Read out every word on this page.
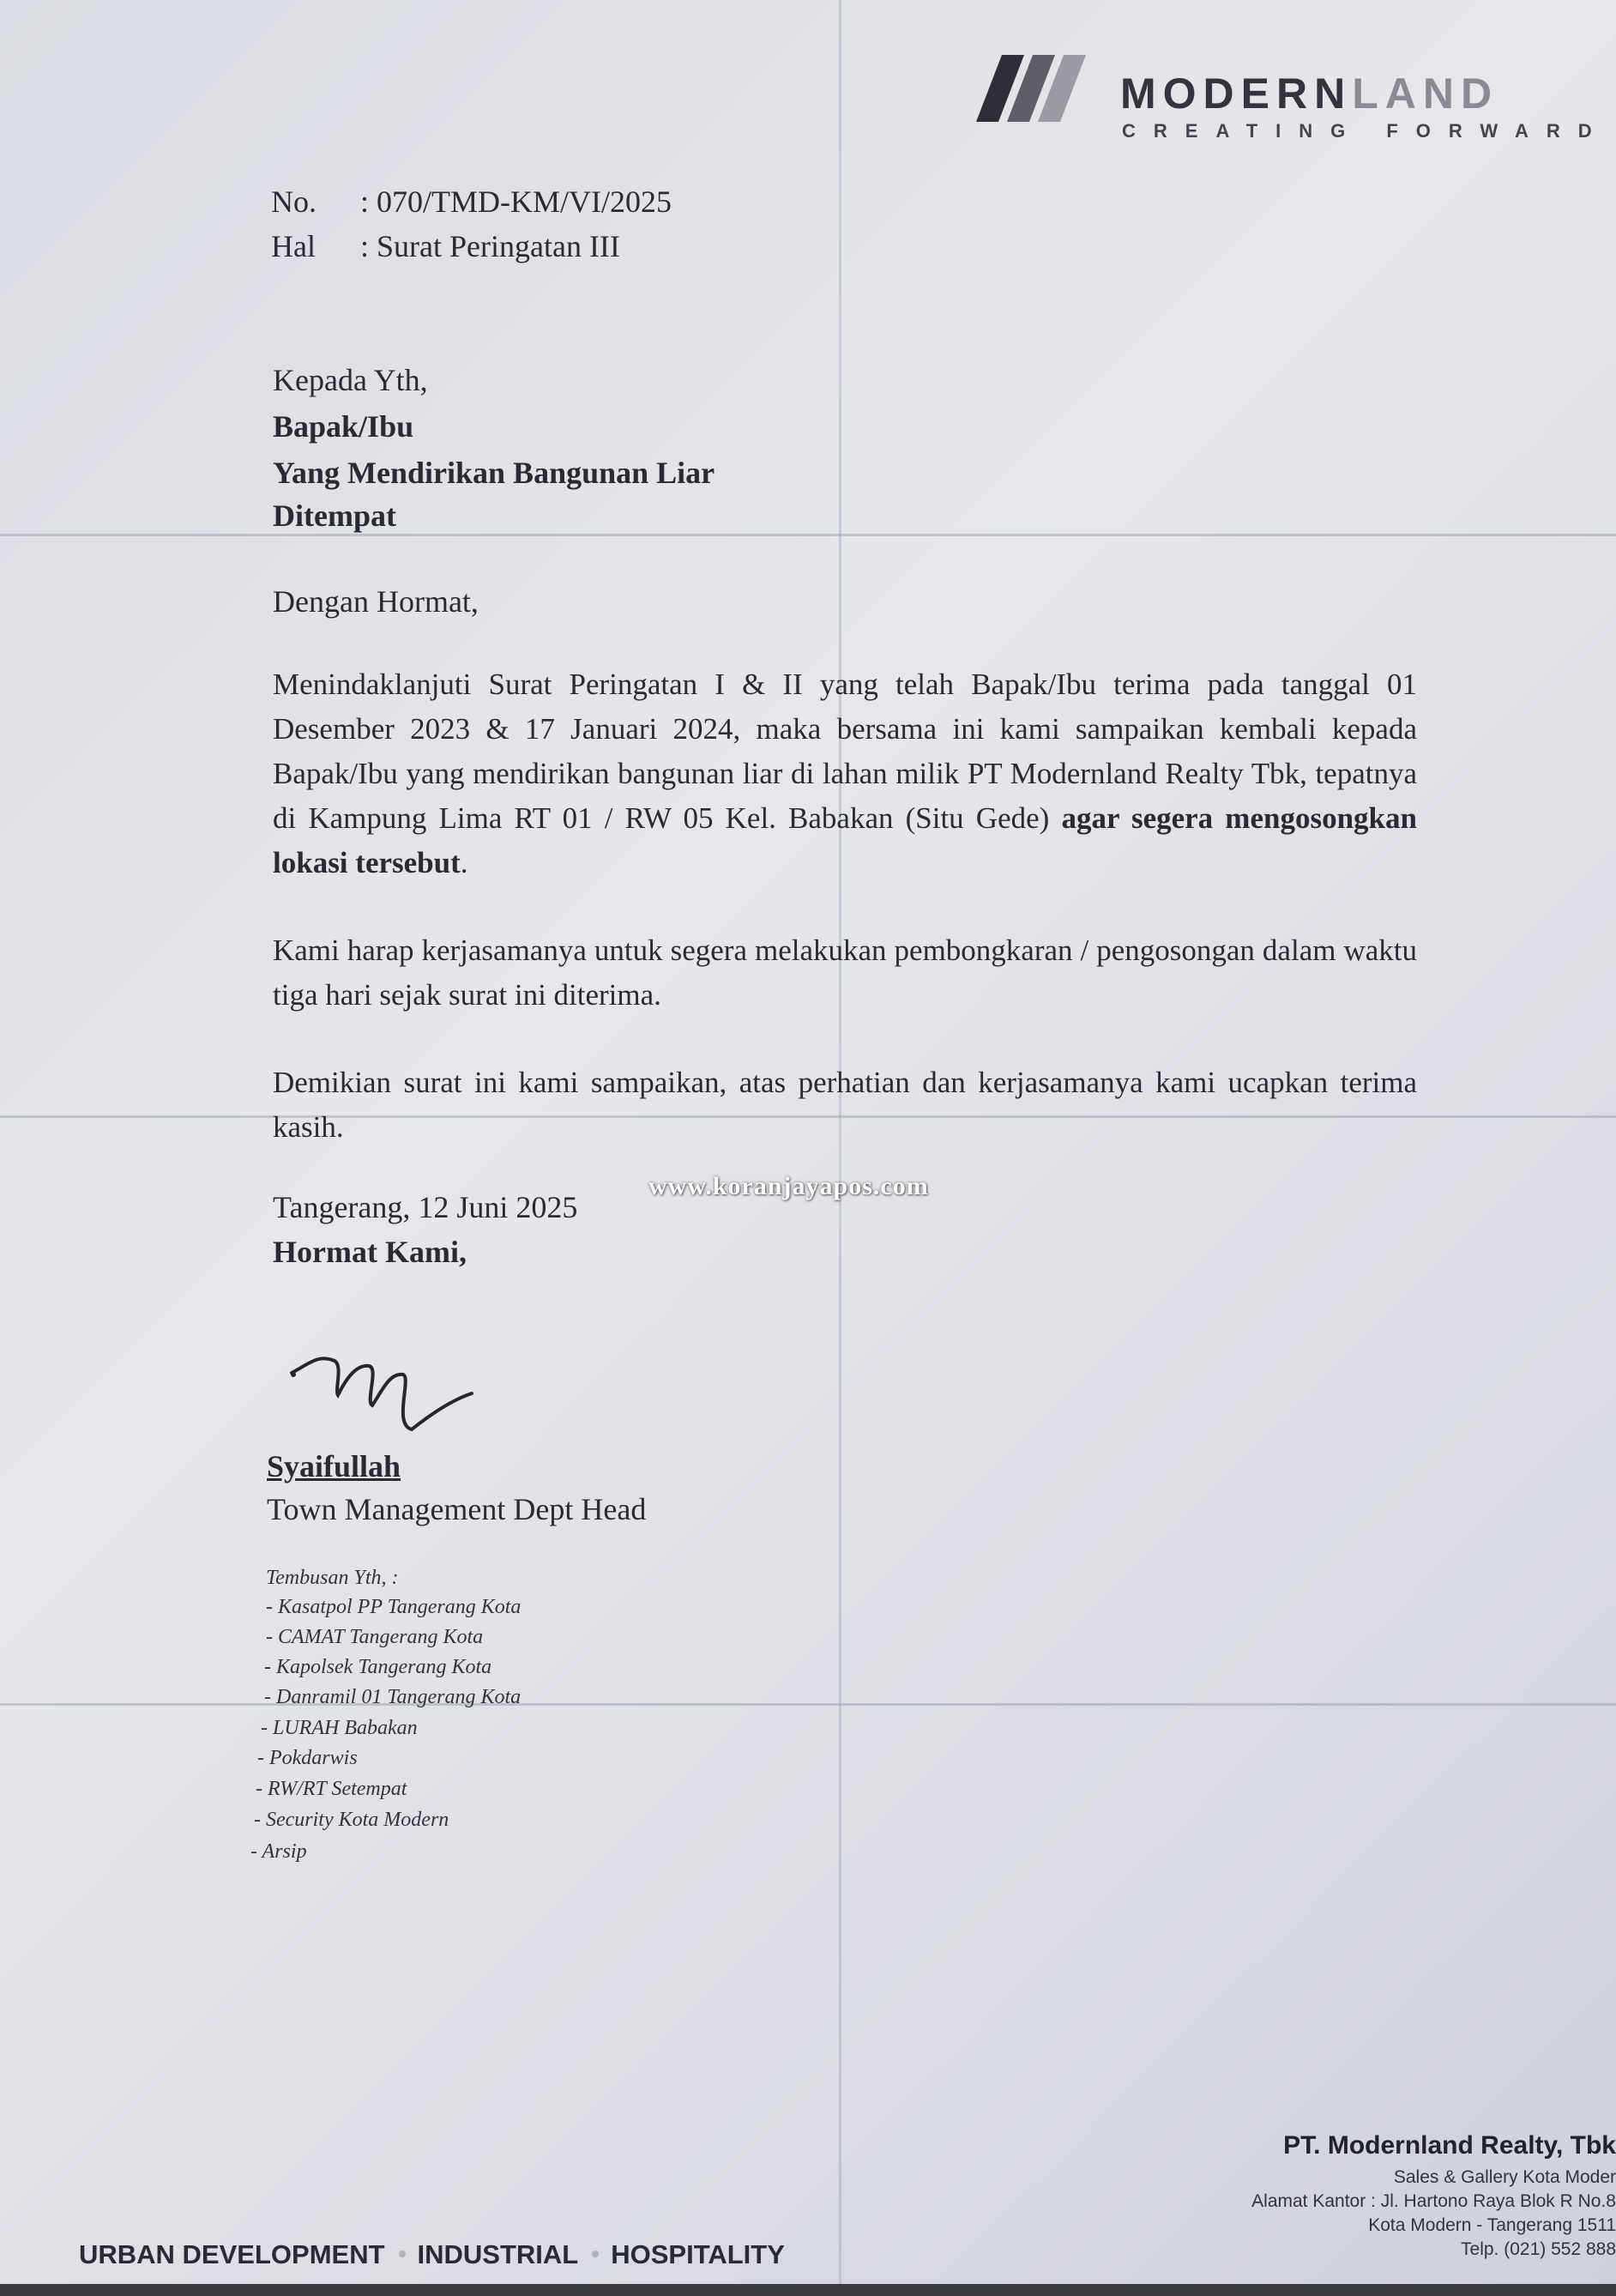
MODERNLAND
CREATING FORWARD
No. : 070/TMD-KM/VI/2025
Hal : Surat Peringatan III
Kepada Yth,
Bapak/Ibu
Yang Mendirikan Bangunan Liar
Ditempat
Dengan Hormat,
Menindaklanjuti Surat Peringatan I & II yang telah Bapak/Ibu terima pada tanggal 01 Desember 2023 & 17 Januari 2024, maka bersama ini kami sampaikan kembali kepada Bapak/Ibu yang mendirikan bangunan liar di lahan milik PT Modernland Realty Tbk, tepatnya di Kampung Lima RT 01 / RW 05 Kel. Babakan (Situ Gede) agar segera mengosongkan lokasi tersebut.
Kami harap kerjasamanya untuk segera melakukan pembongkaran / pengosongan dalam waktu tiga hari sejak surat ini diterima.
Demikian surat ini kami sampaikan, atas perhatian dan kerjasamanya kami ucapkan terima kasih.
www.koranjayapos.com
Tangerang, 12 Juni 2025
Hormat Kami,
Syaifullah
Town Management Dept Head
Tembusan Yth, :
- Kasatpol PP Tangerang Kota
- CAMAT Tangerang Kota
- Kapolsek Tangerang Kota
- Danramil 01 Tangerang Kota
- LURAH Babakan
- Pokdarwis
- RW/RT Setempat
- Security Kota Modern
- Arsip
PT. Modernland Realty, Tbk
Sales & Gallery Kota Moder
Alamat Kantor : Jl. Hartono Raya Blok R No.8
Kota Modern - Tangerang 1511
Telp. (021) 552 888
URBAN DEVELOPMENT INDUSTRIAL HOSPITALITY
